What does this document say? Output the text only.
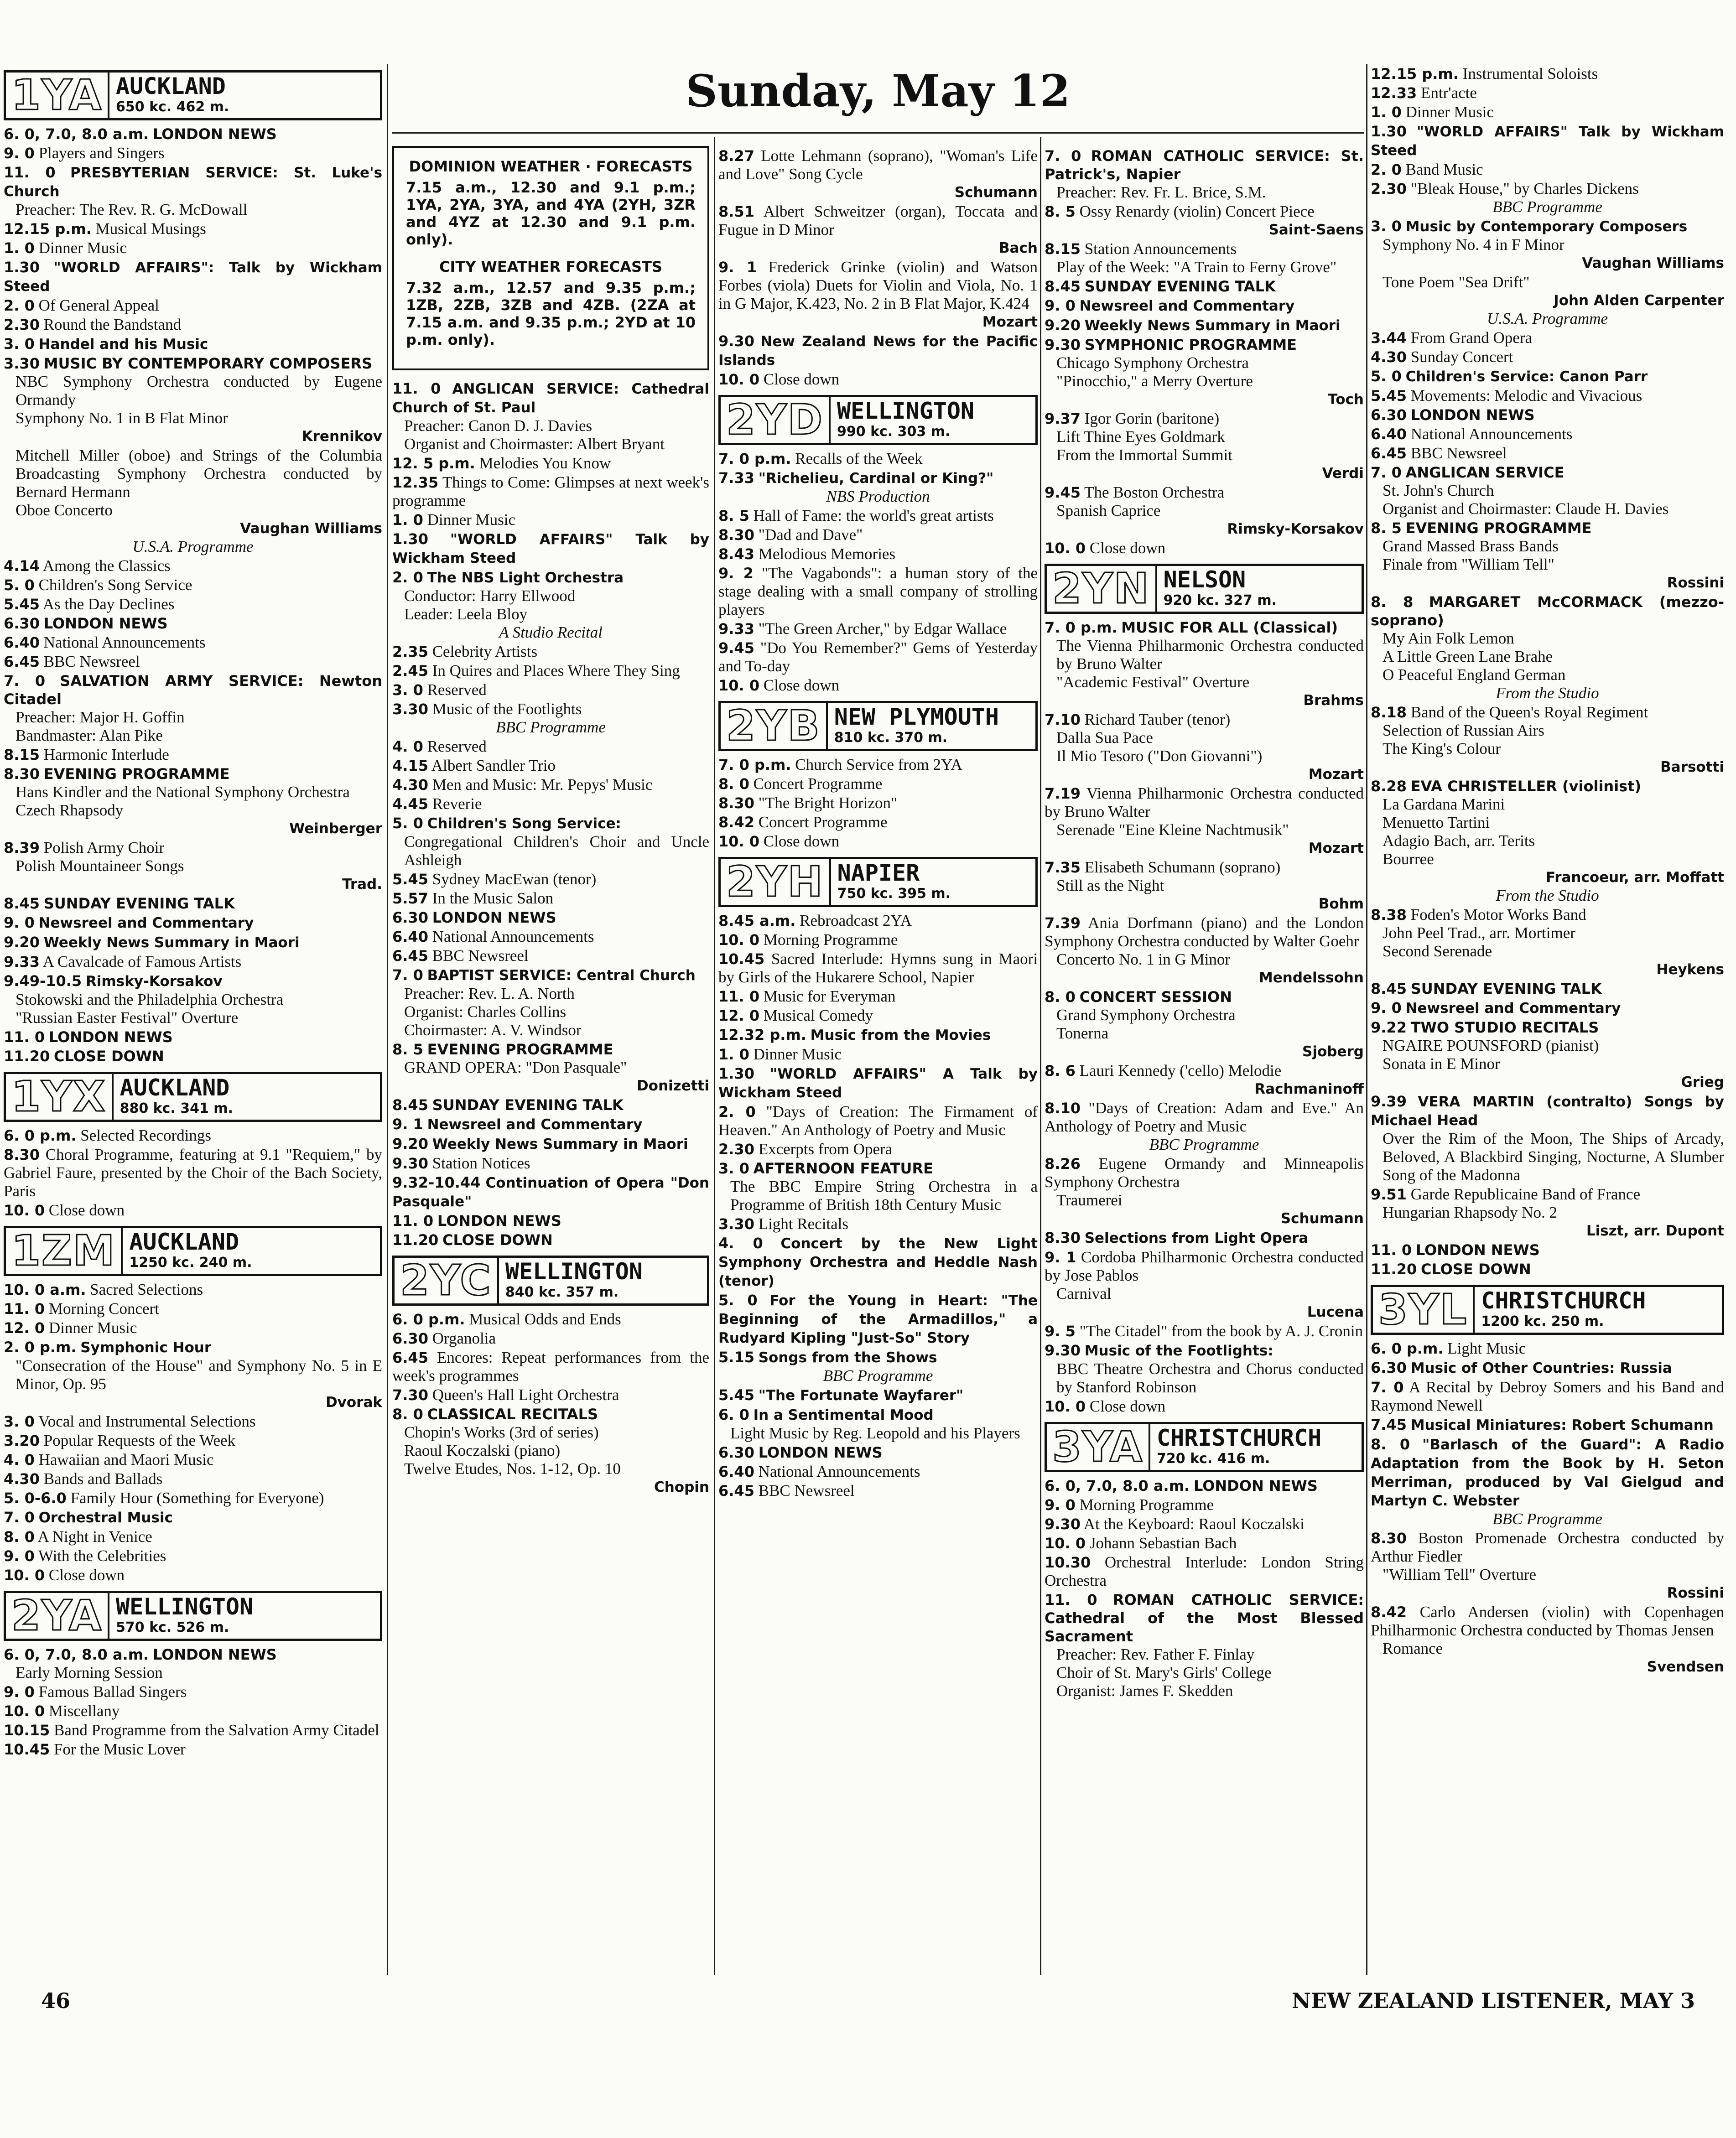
Sunday, May 12
1YA AUCKLAND
650 kc. 462 m.
6. 0, 7.0, 8.0 a.m. LONDON NEWS
9. 0 Players and Singers
11. 0 PRESBYTERIAN SERVICE: St. Luke's Church
Preacher: The Rev. R. G. McDowall
12.15 p.m. Musical Musings
1. 0 Dinner Music
1.30 "WORLD AFFAIRS": Talk by Wickham Steed
2. 0 Of General Appeal
2.30 Round the Bandstand
3. 0 Handel and his Music
3.30 MUSIC BY CONTEMPORARY COMPOSERS
NBC Symphony Orchestra conducted by Eugene Ormandy
Symphony No. 1 in B Flat Minor
Krennikov
Mitchell Miller (oboe) and Strings of the Columbia Broadcasting Symphony Orchestra conducted by Bernard Hermann
Oboe Concerto
Vaughan Williams
U.S.A. Programme
4.14 Among the Classics
5. 0 Children's Song Service
5.45 As the Day Declines
6.30 LONDON NEWS
6.40 National Announcements
6.45 BBC Newsreel
7. 0 SALVATION ARMY SERVICE: Newton Citadel
Preacher: Major H. Goffin
Bandmaster: Alan Pike
8.15 Harmonic Interlude
8.30 EVENING PROGRAMME
Hans Kindler and the National Symphony Orchestra
Czech Rhapsody
Weinberger
8.39 Polish Army Choir
Polish Mountaineer Songs
Trad.
8.45 SUNDAY EVENING TALK
9. 0 Newsreel and Commentary
9.20 Weekly News Summary in Maori
9.33 A Cavalcade of Famous Artists
9.49-10.5 Rimsky-Korsakov
Stokowski and the Philadelphia Orchestra
"Russian Easter Festival" Overture
11. 0 LONDON NEWS
11.20 CLOSE DOWN
1YX AUCKLAND
880 kc. 341 m.
6. 0 p.m. Selected Recordings
8.30 Choral Programme, featuring at 9.1 "Requiem," by Gabriel Faure, presented by the Choir of the Bach Society, Paris
10. 0 Close down
1ZM AUCKLAND
1250 kc. 240 m.
10. 0 a.m. Sacred Selections
11. 0 Morning Concert
12. 0 Dinner Music
2. 0 p.m. Symphonic Hour
"Consecration of the House" and Symphony No. 5 in E Minor, Op. 95
Dvorak
3. 0 Vocal and Instrumental Selections
3.20 Popular Requests of the Week
4. 0 Hawaiian and Maori Music
4.30 Bands and Ballads
5. 0-6.0 Family Hour (Something for Everyone)
7. 0 Orchestral Music
8. 0 A Night in Venice
9. 0 With the Celebrities
10. 0 Close down
2YA WELLINGTON
570 kc. 526 m.
6. 0, 7.0, 8.0 a.m. LONDON NEWS
Early Morning Session
9. 0 Famous Ballad Singers
10. 0 Miscellany
10.15 Band Programme from the Salvation Army Citadel
10.45 For the Music Lover
DOMINION WEATHER · FORECASTS
7.15 a.m., 12.30 and 9.1 p.m.; 1YA, 2YA, 3YA, and 4YA (2YH, 3ZR and 4YZ at 12.30 and 9.1 p.m. only).
CITY WEATHER FORECASTS
7.32 a.m., 12.57 and 9.35 p.m.; 1ZB, 2ZB, 3ZB and 4ZB. (2ZA at 7.15 a.m. and 9.35 p.m.; 2YD at 10 p.m. only).
11. 0 ANGLICAN SERVICE: Cathedral Church of St. Paul
Preacher: Canon D. J. Davies
Organist and Choirmaster: Albert Bryant
12. 5 p.m. Melodies You Know
12.35 Things to Come: Glimpses at next week's programme
1. 0 Dinner Music
1.30 "WORLD AFFAIRS" Talk by Wickham Steed
2. 0 The NBS Light Orchestra
Conductor: Harry Ellwood
Leader: Leela Bloy
A Studio Recital
2.35 Celebrity Artists
2.45 In Quires and Places Where They Sing
3. 0 Reserved
3.30 Music of the Footlights
BBC Programme
4. 0 Reserved
4.15 Albert Sandler Trio
4.30 Men and Music: Mr. Pepys' Music
4.45 Reverie
5. 0 Children's Song Service:
Congregational Children's Choir and Uncle Ashleigh
5.45 Sydney MacEwan (tenor)
5.57 In the Music Salon
6.30 LONDON NEWS
6.40 National Announcements
6.45 BBC Newsreel
7. 0 BAPTIST SERVICE: Central Church
Preacher: Rev. L. A. North
Organist: Charles Collins
Choirmaster: A. V. Windsor
8. 5 EVENING PROGRAMME
GRAND OPERA: "Don Pasquale"
Donizetti
8.45 SUNDAY EVENING TALK
9. 1 Newsreel and Commentary
9.20 Weekly News Summary in Maori
9.30 Station Notices
9.32-10.44 Continuation of Opera "Don Pasquale"
11. 0 LONDON NEWS
11.20 CLOSE DOWN
2YC WELLINGTON
840 kc. 357 m.
6. 0 p.m. Musical Odds and Ends
6.30 Organolia
6.45 Encores: Repeat performances from the week's programmes
7.30 Queen's Hall Light Orchestra
8. 0 CLASSICAL RECITALS
Chopin's Works (3rd of series)
Raoul Koczalski (piano)
Twelve Etudes, Nos. 1-12, Op. 10
Chopin
8.27 Lotte Lehmann (soprano), "Woman's Life and Love" Song Cycle
Schumann
8.51 Albert Schweitzer (organ), Toccata and Fugue in D Minor
Bach
9. 1 Frederick Grinke (violin) and Watson Forbes (viola) Duets for Violin and Viola, No. 1 in G Major, K.423, No. 2 in B Flat Major, K.424
Mozart
9.30 New Zealand News for the Pacific Islands
10. 0 Close down
2YD WELLINGTON
990 kc. 303 m.
7. 0 p.m. Recalls of the Week
7.33 "Richelieu, Cardinal or King?"
NBS Production
8. 5 Hall of Fame: the world's great artists
8.30 "Dad and Dave"
8.43 Melodious Memories
9. 2 "The Vagabonds": a human story of the stage dealing with a small company of strolling players
9.33 "The Green Archer," by Edgar Wallace
9.45 "Do You Remember?" Gems of Yesterday and To-day
10. 0 Close down
2YB NEW PLYMOUTH
810 kc. 370 m.
7. 0 p.m. Church Service from 2YA
8. 0 Concert Programme
8.30 "The Bright Horizon"
8.42 Concert Programme
10. 0 Close down
2YH NAPIER
750 kc. 395 m.
8.45 a.m. Rebroadcast 2YA
10. 0 Morning Programme
10.45 Sacred Interlude: Hymns sung in Maori by Girls of the Hukarere School, Napier
11. 0 Music for Everyman
12. 0 Musical Comedy
12.32 p.m. Music from the Movies
1. 0 Dinner Music
1.30 "WORLD AFFAIRS" A Talk by Wickham Steed
2. 0 "Days of Creation: The Firmament of Heaven." An Anthology of Poetry and Music
2.30 Excerpts from Opera
3. 0 AFTERNOON FEATURE
The BBC Empire String Orchestra in a Programme of British 18th Century Music
3.30 Light Recitals
4. 0 Concert by the New Light Symphony Orchestra and Heddle Nash (tenor)
5. 0 For the Young in Heart: "The Beginning of the Armadillos," a Rudyard Kipling "Just-So" Story
5.15 Songs from the Shows
BBC Programme
5.45 "The Fortunate Wayfarer"
6. 0 In a Sentimental Mood
Light Music by Reg. Leopold and his Players
6.30 LONDON NEWS
6.40 National Announcements
6.45 BBC Newsreel
7. 0 ROMAN CATHOLIC SERVICE: St. Patrick's, Napier
Preacher: Rev. Fr. L. Brice, S.M.
8. 5 Ossy Renardy (violin) Concert Piece
Saint-Saens
8.15 Station Announcements
Play of the Week: "A Train to Ferny Grove"
8.45 SUNDAY EVENING TALK
9. 0 Newsreel and Commentary
9.20 Weekly News Summary in Maori
9.30 SYMPHONIC PROGRAMME
Chicago Symphony Orchestra
"Pinocchio," a Merry Overture
Toch
9.37 Igor Gorin (baritone)
Lift Thine Eyes Goldmark
From the Immortal Summit
Verdi
9.45 The Boston Orchestra
Spanish Caprice
Rimsky-Korsakov
10. 0 Close down
2YN NELSON
920 kc. 327 m.
7. 0 p.m. MUSIC FOR ALL (Classical)
The Vienna Philharmonic Orchestra conducted by Bruno Walter
"Academic Festival" Overture
Brahms
7.10 Richard Tauber (tenor)
Dalla Sua Pace
Il Mio Tesoro ("Don Giovanni")
Mozart
7.19 Vienna Philharmonic Orchestra conducted by Bruno Walter
Serenade "Eine Kleine Nachtmusik"
Mozart
7.35 Elisabeth Schumann (soprano)
Still as the Night
Bohm
7.39 Ania Dorfmann (piano) and the London Symphony Orchestra conducted by Walter Goehr
Concerto No. 1 in G Minor
Mendelssohn
8. 0 CONCERT SESSION
Grand Symphony Orchestra
Tonerna
Sjoberg
8. 6 Lauri Kennedy ('cello) Melodie
Rachmaninoff
8.10 "Days of Creation: Adam and Eve." An Anthology of Poetry and Music
BBC Programme
8.26 Eugene Ormandy and Minneapolis Symphony Orchestra
Traumerei
Schumann
8.30 Selections from Light Opera
9. 1 Cordoba Philharmonic Orchestra conducted by Jose Pablos
Carnival
Lucena
9. 5 "The Citadel" from the book by A. J. Cronin
9.30 Music of the Footlights:
BBC Theatre Orchestra and Chorus conducted by Stanford Robinson
10. 0 Close down
3YA CHRISTCHURCH
720 kc. 416 m.
6. 0, 7.0, 8.0 a.m. LONDON NEWS
9. 0 Morning Programme
9.30 At the Keyboard: Raoul Koczalski
10. 0 Johann Sebastian Bach
10.30 Orchestral Interlude: London String Orchestra
11. 0 ROMAN CATHOLIC SERVICE: Cathedral of the Most Blessed Sacrament
Preacher: Rev. Father F. Finlay
Choir of St. Mary's Girls' College
Organist: James F. Skedden
12.15 p.m. Instrumental Soloists
12.33 Entr'acte
1. 0 Dinner Music
1.30 "WORLD AFFAIRS" Talk by Wickham Steed
2. 0 Band Music
2.30 "Bleak House," by Charles Dickens
BBC Programme
3. 0 Music by Contemporary Composers
Symphony No. 4 in F Minor
Vaughan Williams
Tone Poem "Sea Drift"
John Alden Carpenter
U.S.A. Programme
3.44 From Grand Opera
4.30 Sunday Concert
5. 0 Children's Service: Canon Parr
5.45 Movements: Melodic and Vivacious
6.30 LONDON NEWS
6.40 National Announcements
6.45 BBC Newsreel
7. 0 ANGLICAN SERVICE
St. John's Church
Organist and Choirmaster: Claude H. Davies
8. 5 EVENING PROGRAMME
Grand Massed Brass Bands
Finale from "William Tell"
Rossini
8. 8 MARGARET McCORMACK (mezzo-soprano)
My Ain Folk Lemon
A Little Green Lane Brahe
O Peaceful England German
From the Studio
8.18 Band of the Queen's Royal Regiment
Selection of Russian Airs
The King's Colour
Barsotti
8.28 EVA CHRISTELLER (violinist)
La Gardana Marini
Menuetto Tartini
Adagio Bach, arr. Terits
Bourree
Francoeur, arr. Moffatt
From the Studio
8.38 Foden's Motor Works Band
John Peel Trad., arr. Mortimer
Second Serenade
Heykens
8.45 SUNDAY EVENING TALK
9. 0 Newsreel and Commentary
9.22 TWO STUDIO RECITALS
NGAIRE POUNSFORD (pianist)
Sonata in E Minor
Grieg
9.39 VERA MARTIN (contralto) Songs by Michael Head
Over the Rim of the Moon, The Ships of Arcady, Beloved, A Blackbird Singing, Nocturne, A Slumber Song of the Madonna
9.51 Garde Republicaine Band of France
Hungarian Rhapsody No. 2
Liszt, arr. Dupont
11. 0 LONDON NEWS
11.20 CLOSE DOWN
3YL CHRISTCHURCH
1200 kc. 250 m.
6. 0 p.m. Light Music
6.30 Music of Other Countries: Russia
7. 0 A Recital by Debroy Somers and his Band and Raymond Newell
7.45 Musical Miniatures: Robert Schumann
8. 0 "Barlasch of the Guard": A Radio Adaptation from the Book by H. Seton Merriman, produced by Val Gielgud and Martyn C. Webster
BBC Programme
8.30 Boston Promenade Orchestra conducted by Arthur Fiedler
"William Tell" Overture
Rossini
8.42 Carlo Andersen (violin) with Copenhagen Philharmonic Orchestra conducted by Thomas Jensen
Romance
Svendsen
46	NEW ZEALAND LISTENER, MAY 3
